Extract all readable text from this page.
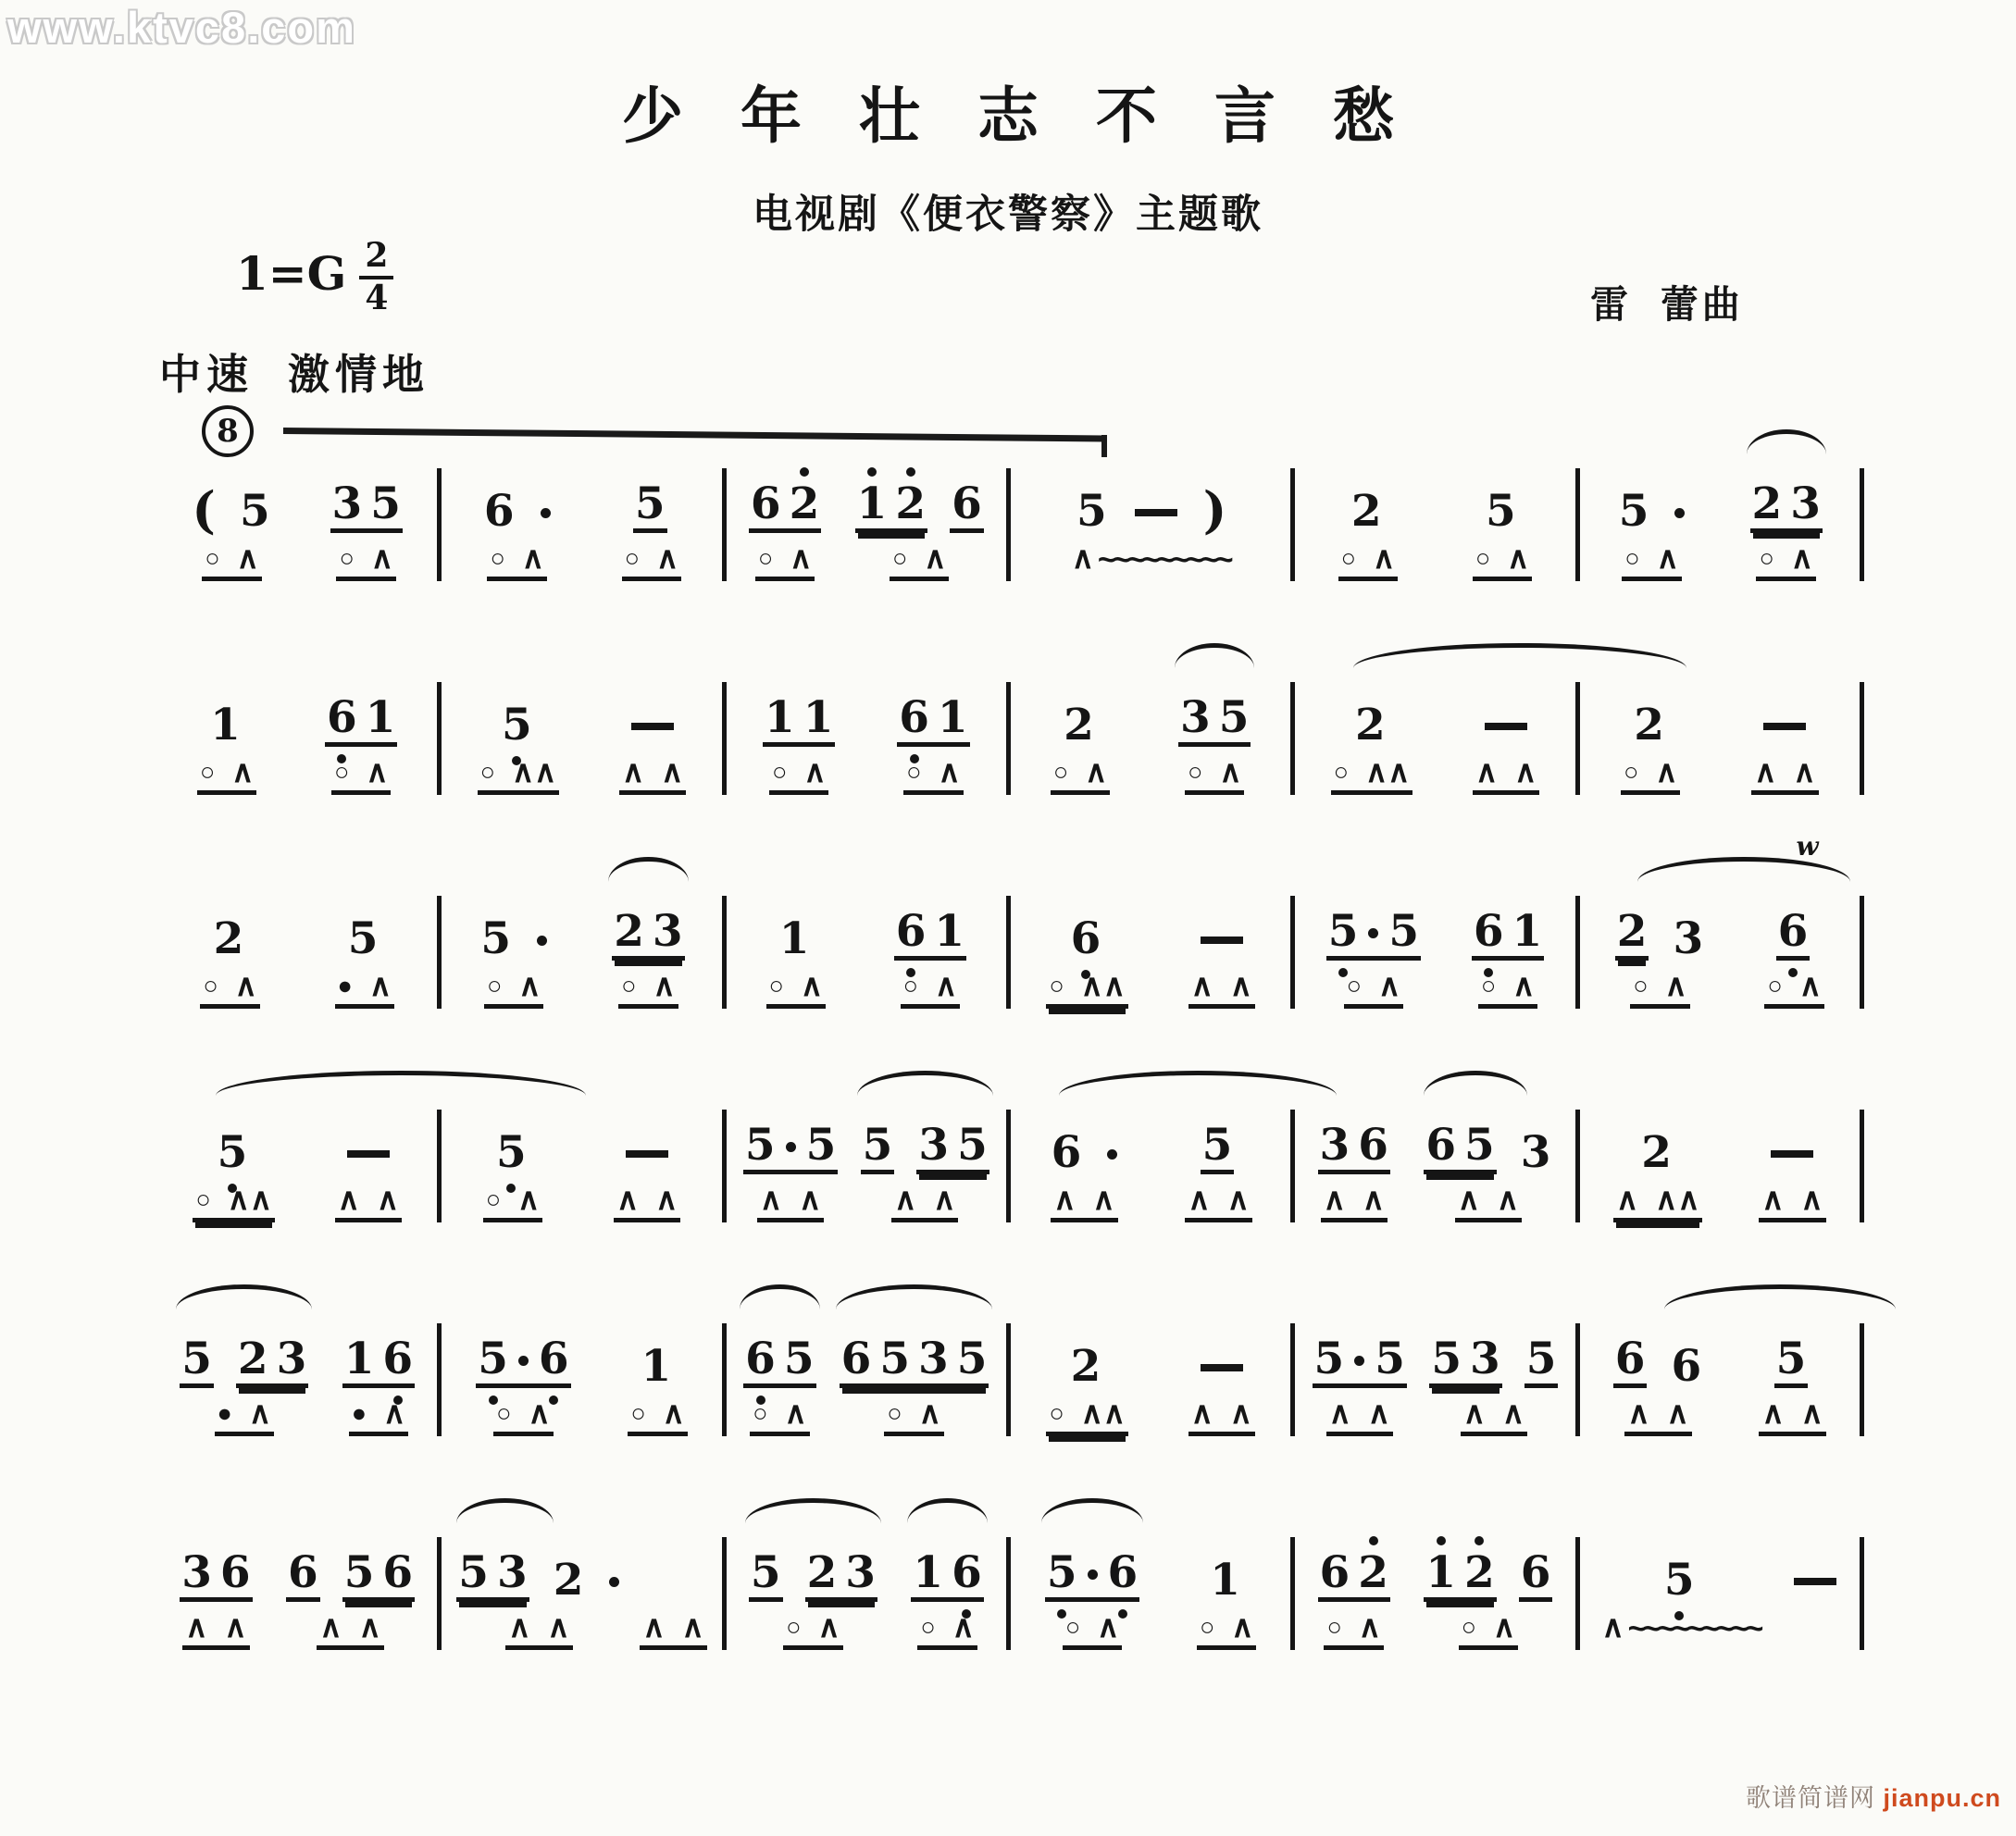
www.ktvc8.com
少年壮志不言愁
电视剧《便衣警察》主题歌
$1=G \frac{2}{4}$	雷  蕾曲
中速  激情地
8
( 5
○ ∧
3 5
○ ∧
6
○ ∧
5
○ ∧
6 2
○ ∧
1 2 6
○ ∧
5 )
∧ ~~~~~~~~~
2
○ ∧
5
○ ∧
5
○ ∧
2 3
○ ∧
1
○ ∧
6 1
○ ∧
5
○ ∧ ∧ ∧ ∧
1 1
○ ∧
6 1
○ ∧
2
○ ∧
3 5
○ ∧
2
○ ∧ ∧ ∧ ∧
2
○ ∧	∧ ∧
2
○ ∧
5
● ∧
5
○ ∧
2 3
○ ∧
1
○ ∧
6 1
○ ∧
6
○ ∧ ∧ ∧ ∧
5 5
○ ∧
6 1
○ ∧
2 3
○ ∧
w
6
○ ∧
5
○ ∧ ∧ ∧ ∧
5
○ ∧	∧ ∧
5 5
∧ ∧
5 3 5
∧ ∧
6
∧ ∧
5
∧ ∧
3 6
∧ ∧
6 5 3
∧ ∧
2
∧ ∧ ∧ ∧ ∧
5 2 3
● ∧
1 6
● ∧
5 6
○ ∧
1
○ ∧
6 5
○ ∧
6 5 3 5
○ ∧
2
○ ∧ ∧ ∧ ∧
5 5
∧ ∧
5 3 5
∧ ∧
6 6
∧ ∧
5
∧ ∧
3 6
∧ ∧
6 5 6
∧ ∧
5 3 2
∧ ∧ ∧ ∧
5 2 3
○ ∧
1 6
○ ∧
5 6
○ ∧
1
○ ∧
6 2
○ ∧
1 2 6
○ ∧
5
∧ ~~~~~~~~~
歌谱简谱网 jianpu.cn
